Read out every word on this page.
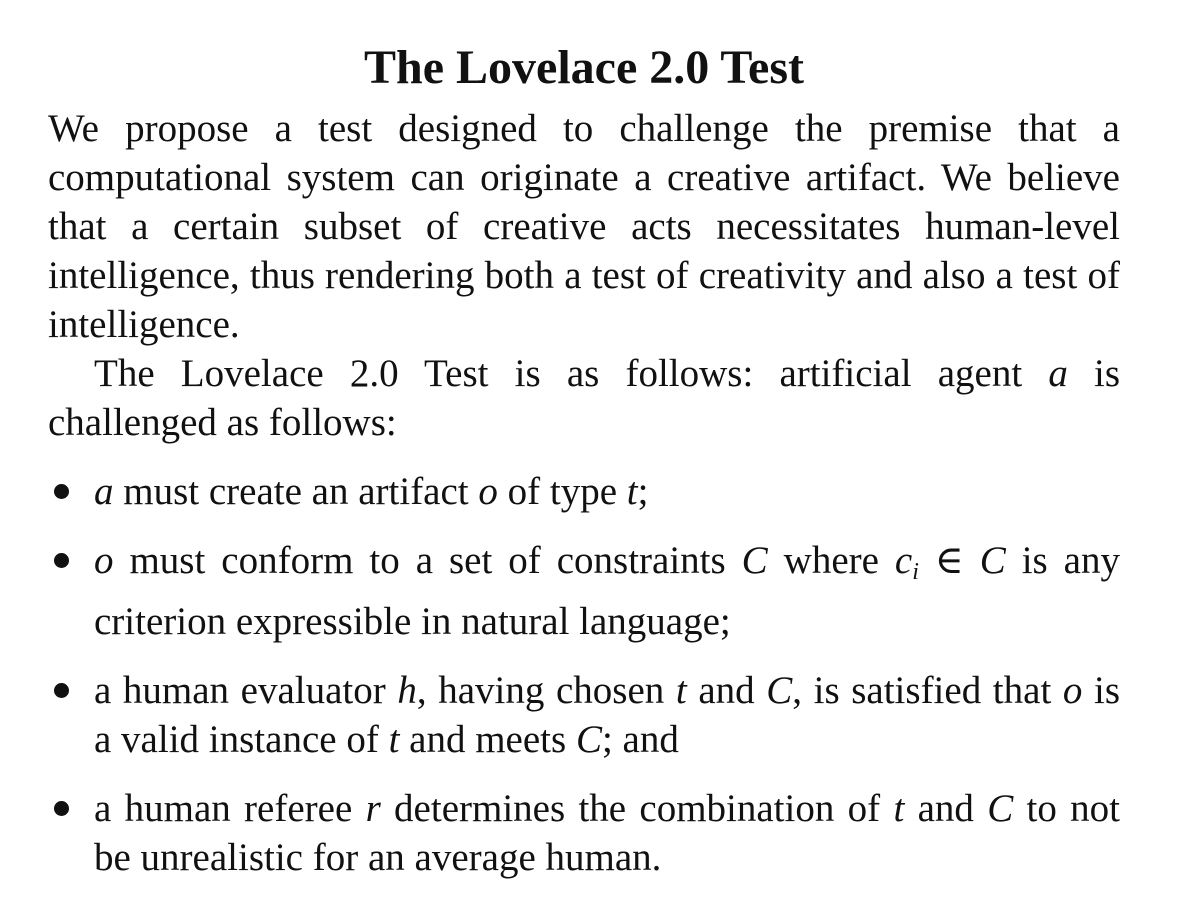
The Lovelace 2.0 Test

We propose a test designed to challenge the premise that a computational system can originate a creative artifact. We believe that a certain subset of creative acts necessitates human-level intelligence, thus rendering both a test of creativity and also a test of intelligence.

The Lovelace 2.0 Test is as follows: artificial agent a is challenged as follows:

a must create an artifact o of type t;
o must conform to a set of constraints C where $c_i$ ∈ C is any criterion expressible in natural language;
a human evaluator h, having chosen t and C, is satisfied that o is a valid instance of t and meets C; and
a human referee r determines the combination of t and C to not be unrealistic for an average human.
